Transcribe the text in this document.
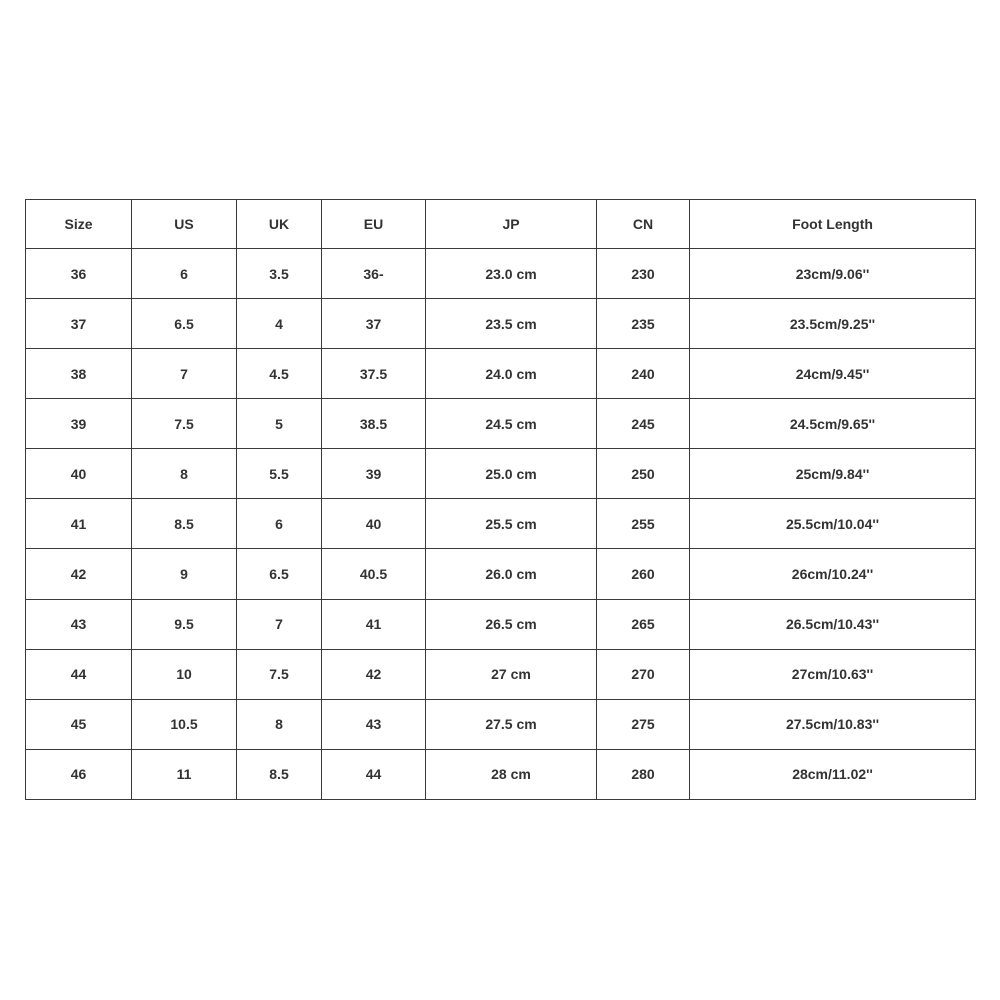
Size	US	UK	EU	JP	CN	Foot Length
36	6	3.5	36-	23.0 cm	230	23cm/9.06''
37	6.5	4	37	23.5 cm	235	23.5cm/9.25''
38	7	4.5	37.5	24.0 cm	240	24cm/9.45''
39	7.5	5	38.5	24.5 cm	245	24.5cm/9.65''
40	8	5.5	39	25.0 cm	250	25cm/9.84''
41	8.5	6	40	25.5 cm	255	25.5cm/10.04''
42	9	6.5	40.5	26.0 cm	260	26cm/10.24''
43	9.5	7	41	26.5 cm	265	26.5cm/10.43''
44	10	7.5	42	27 cm	270	27cm/10.63''
45	10.5	8	43	27.5 cm	275	27.5cm/10.83''
46	11	8.5	44	28 cm	280	28cm/11.02''
